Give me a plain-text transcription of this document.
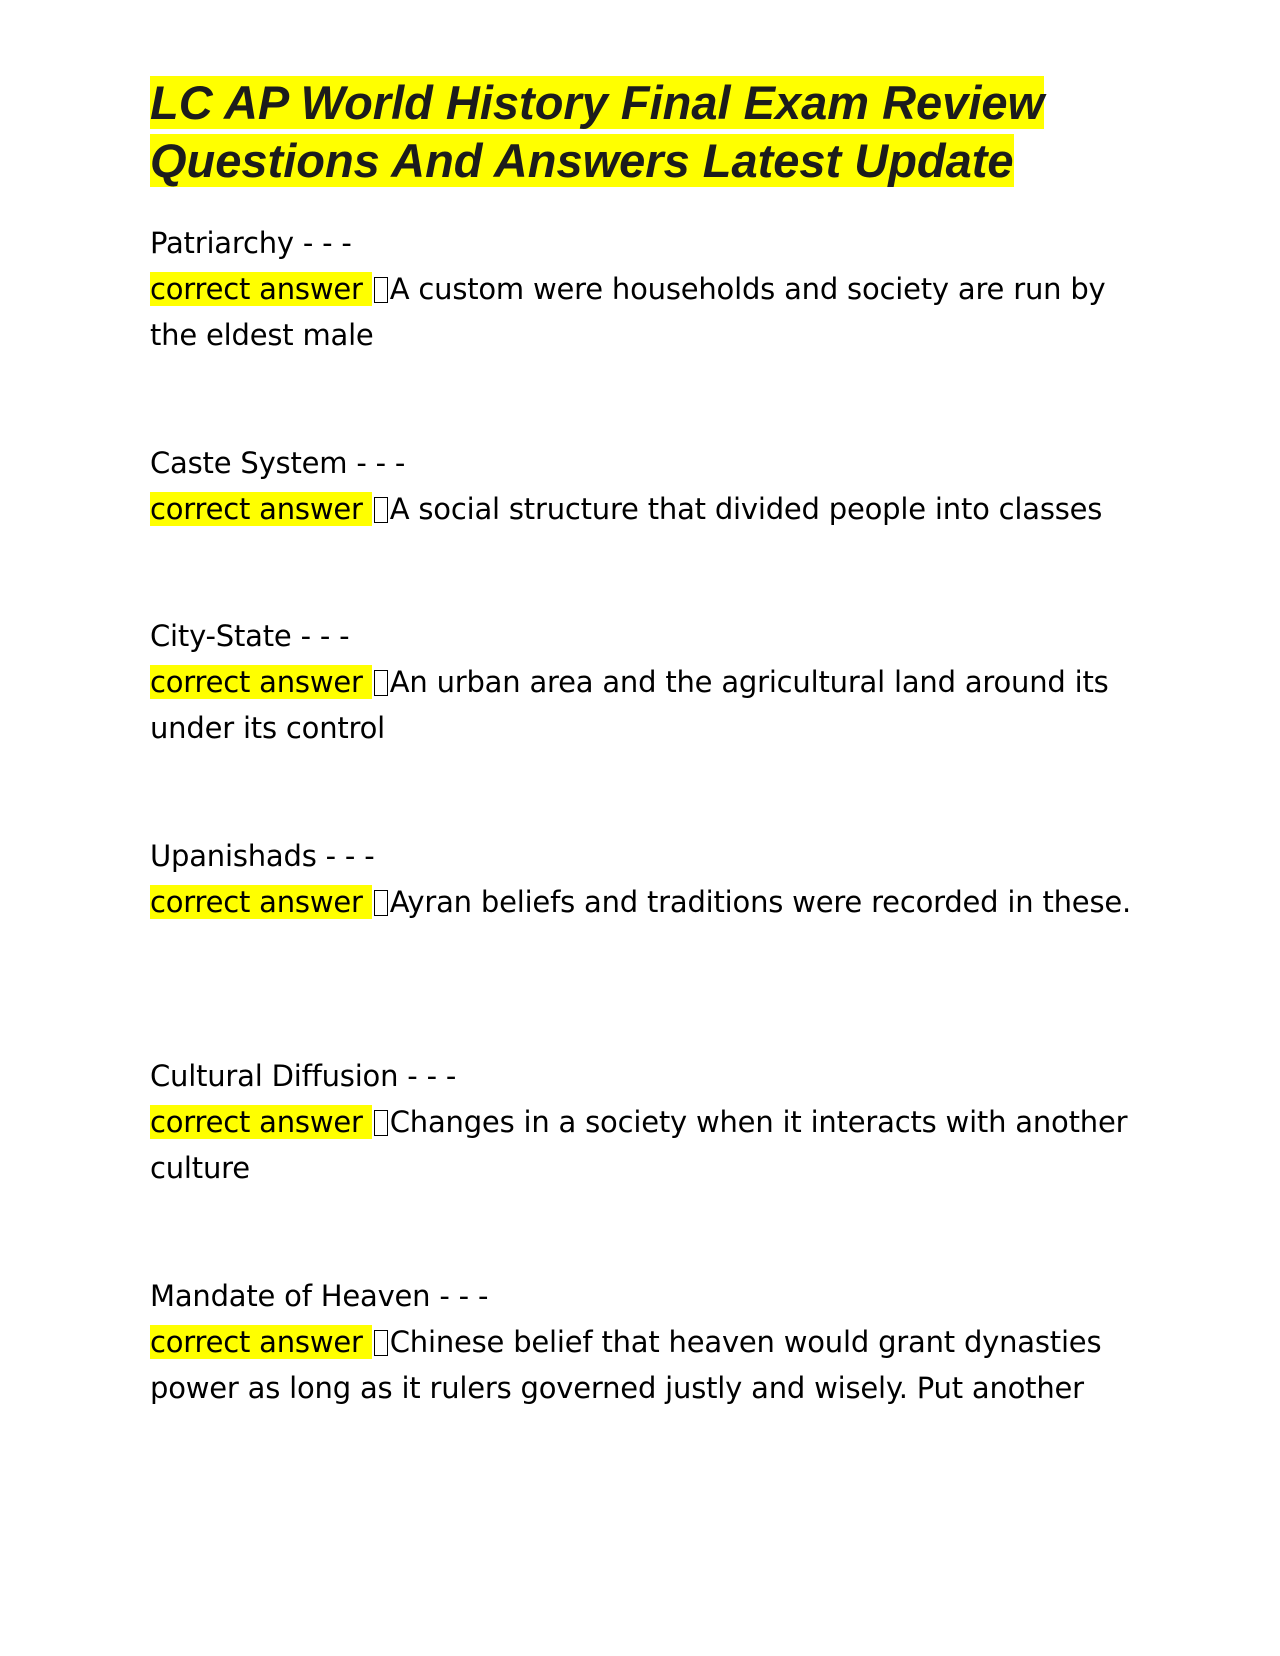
LC AP World History Final Exam Review Questions And Answers Latest Update
Patriarchy - - -
correct answer A custom were households and society are run by the eldest male
Caste System - - -
correct answer A social structure that divided people into classes
City-State - - -
correct answer An urban area and the agricultural land around its under its control
Upanishads - - -
correct answer Ayran beliefs and traditions were recorded in these.
Cultural Diffusion - - -
correct answer Changes in a society when it interacts with another culture
Mandate of Heaven - - -
correct answer Chinese belief that heaven would grant dynasties power as long as it rulers governed justly and wisely. Put another
